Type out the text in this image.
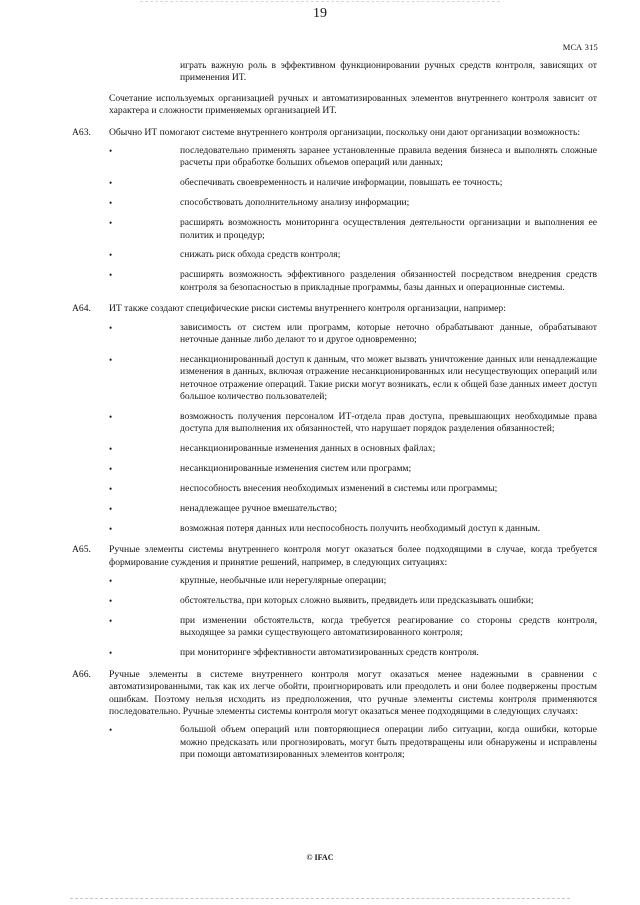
19
МСА 315
играть важную роль в эффективном функционировании ручных средств контроля, зависящих от применения ИТ.
Сочетание используемых организацией ручных и автоматизированных элементов внутреннего контроля зависит от характера и сложности применяемых организацией ИТ.
A63. Обычно ИТ помогают системе внутреннего контроля организации, поскольку они дают организации возможность:
•	последовательно применять заранее установленные правила ведения бизнеса и выполнять сложные расчеты при обработке больших объемов операций или данных;
•	обеспечивать своевременность и наличие информации, повышать ее точность;
•	способствовать дополнительному анализу информации;
•	расширять возможность мониторинга осуществления деятельности организации и выполнения ее политик и процедур;
•	снижать риск обхода средств контроля;
•	расширять возможность эффективного разделения обязанностей посредством внедрения средств контроля за безопасностью в прикладные программы, базы данных и операционные системы.
A64. ИТ также создают специфические риски системы внутреннего контроля организации, например:
•	зависимость от систем или программ, которые неточно обрабатывают данные, обрабатывают неточные данные либо делают то и другое одновременно;
•	несанкционированный доступ к данным, что может вызвать уничтожение данных или ненадлежащие изменения в данных, включая отражение несанкционированных или несуществующих операций или неточное отражение операций. Такие риски могут возникать, если к общей базе данных имеет доступ большое количество пользователей;
•	возможность получения персоналом ИТ-отдела прав доступа, превышающих необходимые права доступа для выполнения их обязанностей, что нарушает порядок разделения обязанностей;
•	несанкционированные изменения данных в основных файлах;
•	несанкционированные изменения систем или программ;
•	неспособность внесения необходимых изменений в системы или программы;
•	ненадлежащее ручное вмешательство;
•	возможная потеря данных или неспособность получить необходимый доступ к данным.
A65. Ручные элементы системы внутреннего контроля могут оказаться более подходящими в случае, когда требуется формирование суждения и принятие решений, например, в следующих ситуациях:
•	крупные, необычные или нерегулярные операции;
•	обстоятельства, при которых сложно выявить, предвидеть или предсказывать ошибки;
•	при изменении обстоятельств, когда требуется реагирование со стороны средств контроля, выходящее за рамки существующего автоматизированного контроля;
•	при мониторинге эффективности автоматизированных средств контроля.
A66. Ручные элементы в системе внутреннего контроля могут оказаться менее надежными в сравнении с автоматизированными, так как их легче обойти, проигнорировать или преодолеть и они более подвержены простым ошибкам. Поэтому нельзя исходить из предположения, что ручные элементы системы контроля применяются последовательно. Ручные элементы системы контроля могут оказаться менее подходящими в следующих случаях:
•	большой объем операций или повторяющиеся операции либо ситуации, когда ошибки, которые можно предсказать или прогнозировать, могут быть предотвращены или обнаружены и исправлены при помощи автоматизированных элементов контроля;
© IFAC
